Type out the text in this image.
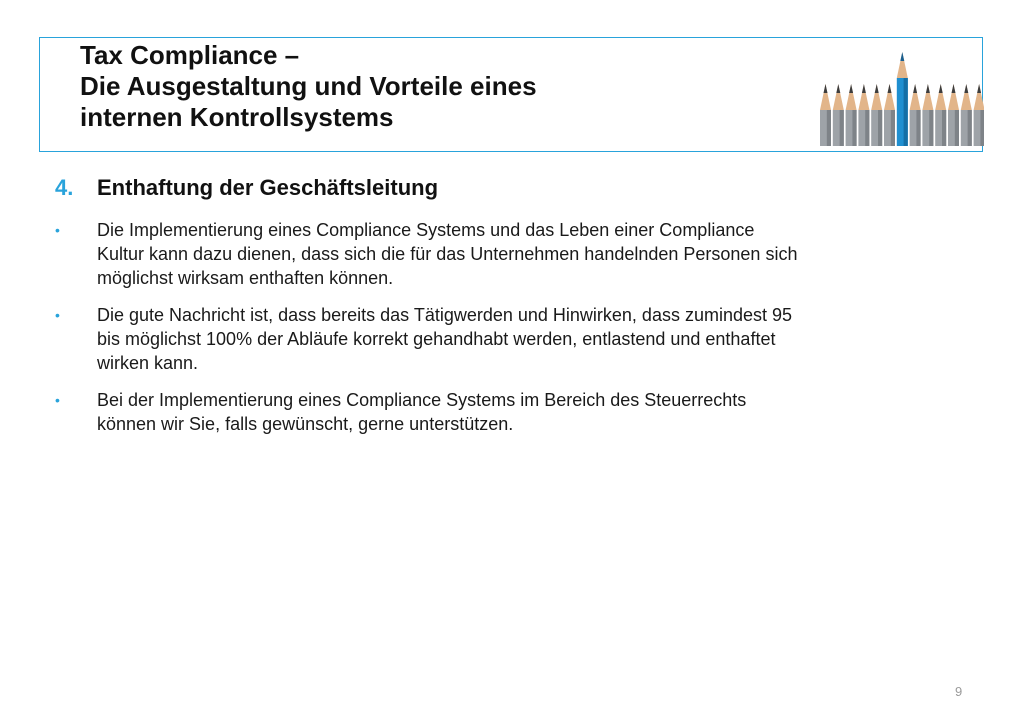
Tax Compliance –
Die Ausgestaltung und Vorteile eines
internen Kontrollsystems
4. Enthaftung der Geschäftsleitung
• Die Implementierung eines Compliance Systems und das Leben einer Compliance
Kultur kann dazu dienen, dass sich die für das Unternehmen handelnden Personen sich
möglichst wirksam enthaften können.
• Die gute Nachricht ist, dass bereits das Tätigwerden und Hinwirken, dass zumindest 95
bis möglichst 100% der Abläufe korrekt gehandhabt werden, entlastend und enthaftet
wirken kann.
• Bei der Implementierung eines Compliance Systems im Bereich des Steuerrechts
können wir Sie, falls gewünscht, gerne unterstützen.
9
